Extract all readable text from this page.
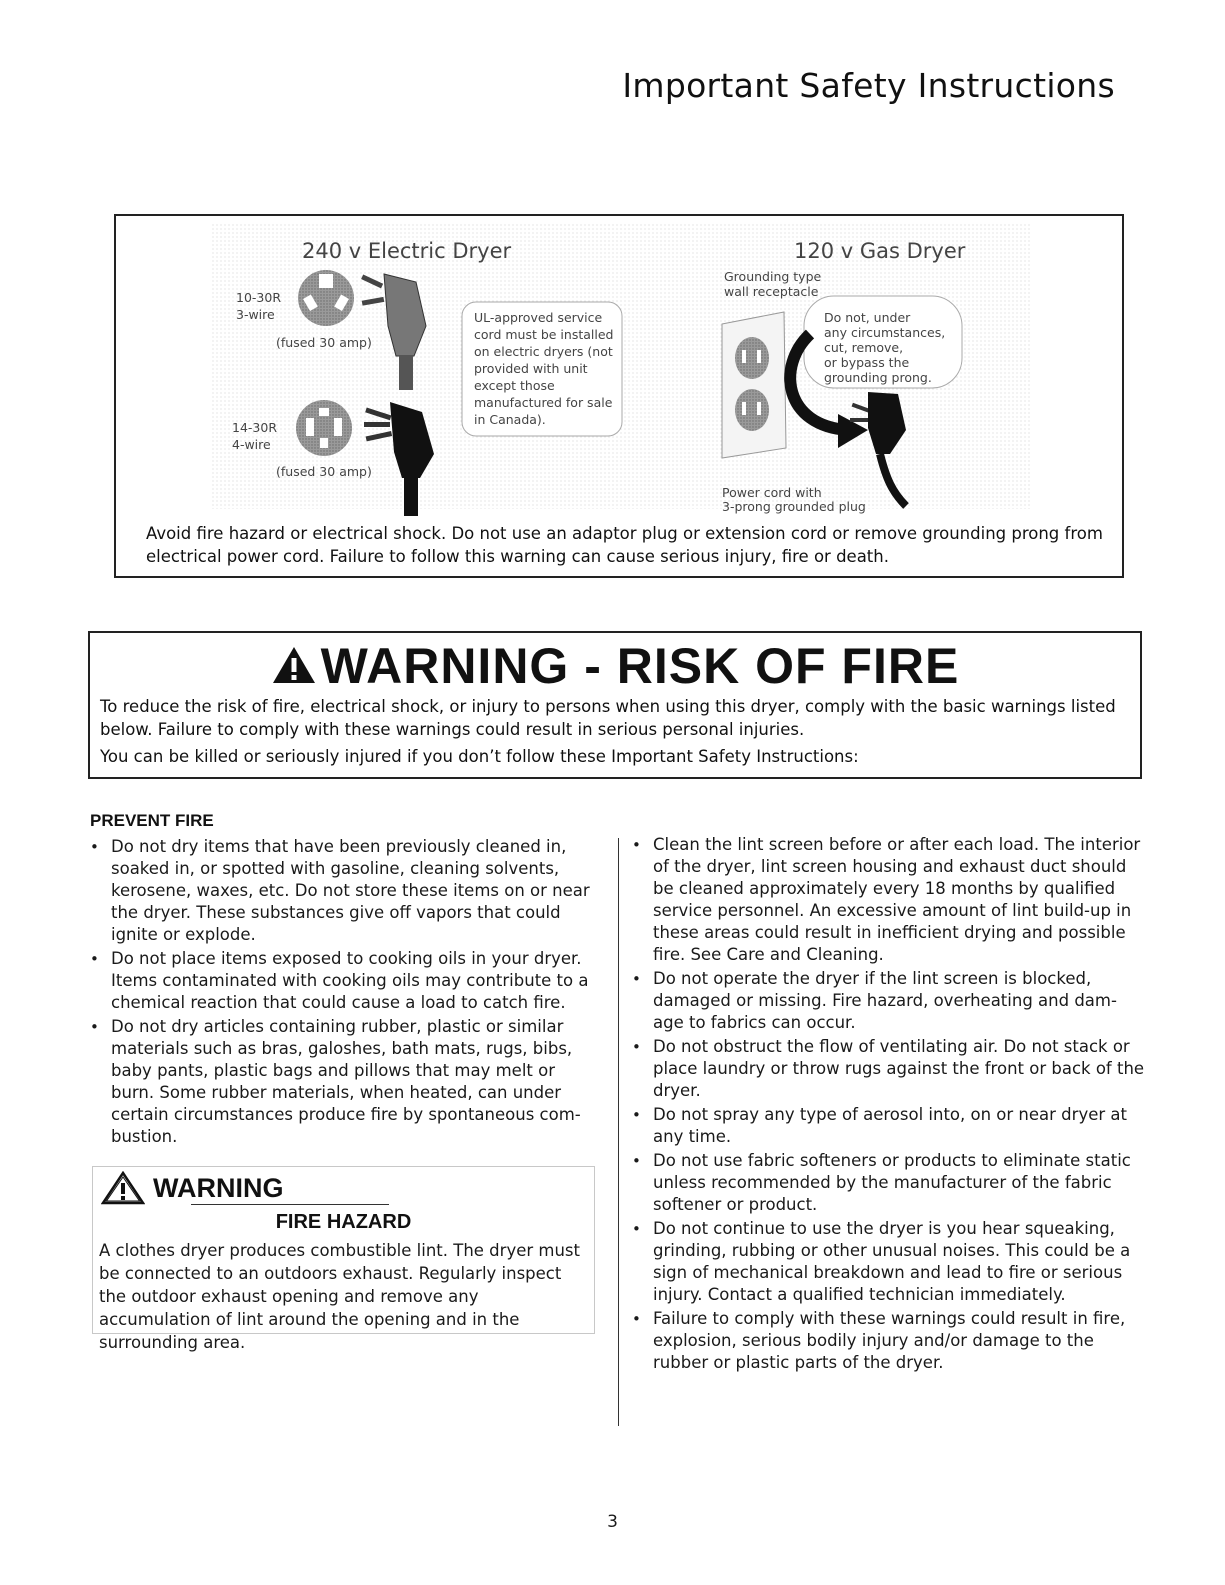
Important Safety Instructions
240 v Electric Dryer	120 v Gas Dryer
10-30R
3-wire
(fused 30 amp)
14-30R
4-wire
(fused 30 amp)
UL-approved service
cord must be installed
on electric dryers (not
provided with unit
except those
manufactured for sale
in Canada).
Grounding type
wall receptacle
Do not, under
any circumstances,
cut, remove,
or bypass the
grounding prong.
Power cord with
3-prong grounded plug
Avoid fire hazard or electrical shock. Do not use an adaptor plug or extension cord or remove grounding prong from electrical power cord. Failure to follow this warning can cause serious injury, fire or death.
WARNING - RISK OF FIRE
To reduce the risk of fire, electrical shock, or injury to persons when using this dryer, comply with the basic warnings listed below. Failure to comply with these warnings could result in serious personal injuries.
You can be killed or seriously injured if you don’t follow these Important Safety Instructions:
PREVENT FIRE
• Do not dry items that have been previously cleaned in, soaked in, or spotted with gasoline, cleaning solvents, kerosene, waxes, etc. Do not store these items on or near the dryer. These substances give off vapors that could ignite or explode.
• Do not place items exposed to cooking oils in your dryer. Items contaminated with cooking oils may contribute to a chemical reaction that could cause a load to catch fire.
• Do not dry articles containing rubber, plastic or similar materials such as bras, galoshes, bath mats, rugs, bibs, baby pants, plastic bags and pillows that may melt or burn. Some rubber materials, when heated, can under certain circumstances produce fire by spontaneous com-bustion.
WARNING
FIRE HAZARD
A clothes dryer produces combustible lint. The dryer must be connected to an outdoors exhaust. Regularly inspect the outdoor exhaust opening and remove any accumulation of lint around the opening and in the surrounding area.
• Clean the lint screen before or after each load. The interior of the dryer, lint screen housing and exhaust duct should be cleaned approximately every 18 months by qualified service personnel. An excessive amount of lint build-up in these areas could result in inefficient drying and possible fire. See Care and Cleaning.
• Do not operate the dryer if the lint screen is blocked, damaged or missing. Fire hazard, overheating and dam-age to fabrics can occur.
• Do not obstruct the flow of ventilating air. Do not stack or place laundry or throw rugs against the front or back of the dryer.
• Do not spray any type of aerosol into, on or near dryer at any time.
• Do not use fabric softeners or products to eliminate static unless recommended by the manufacturer of the fabric softener or product.
• Do not continue to use the dryer is you hear squeaking, grinding, rubbing or other unusual noises. This could be a sign of mechanical breakdown and lead to fire or serious injury. Contact a qualified technician immediately.
• Failure to comply with these warnings could result in fire, explosion, serious bodily injury and/or damage to the rubber or plastic parts of the dryer.
3
